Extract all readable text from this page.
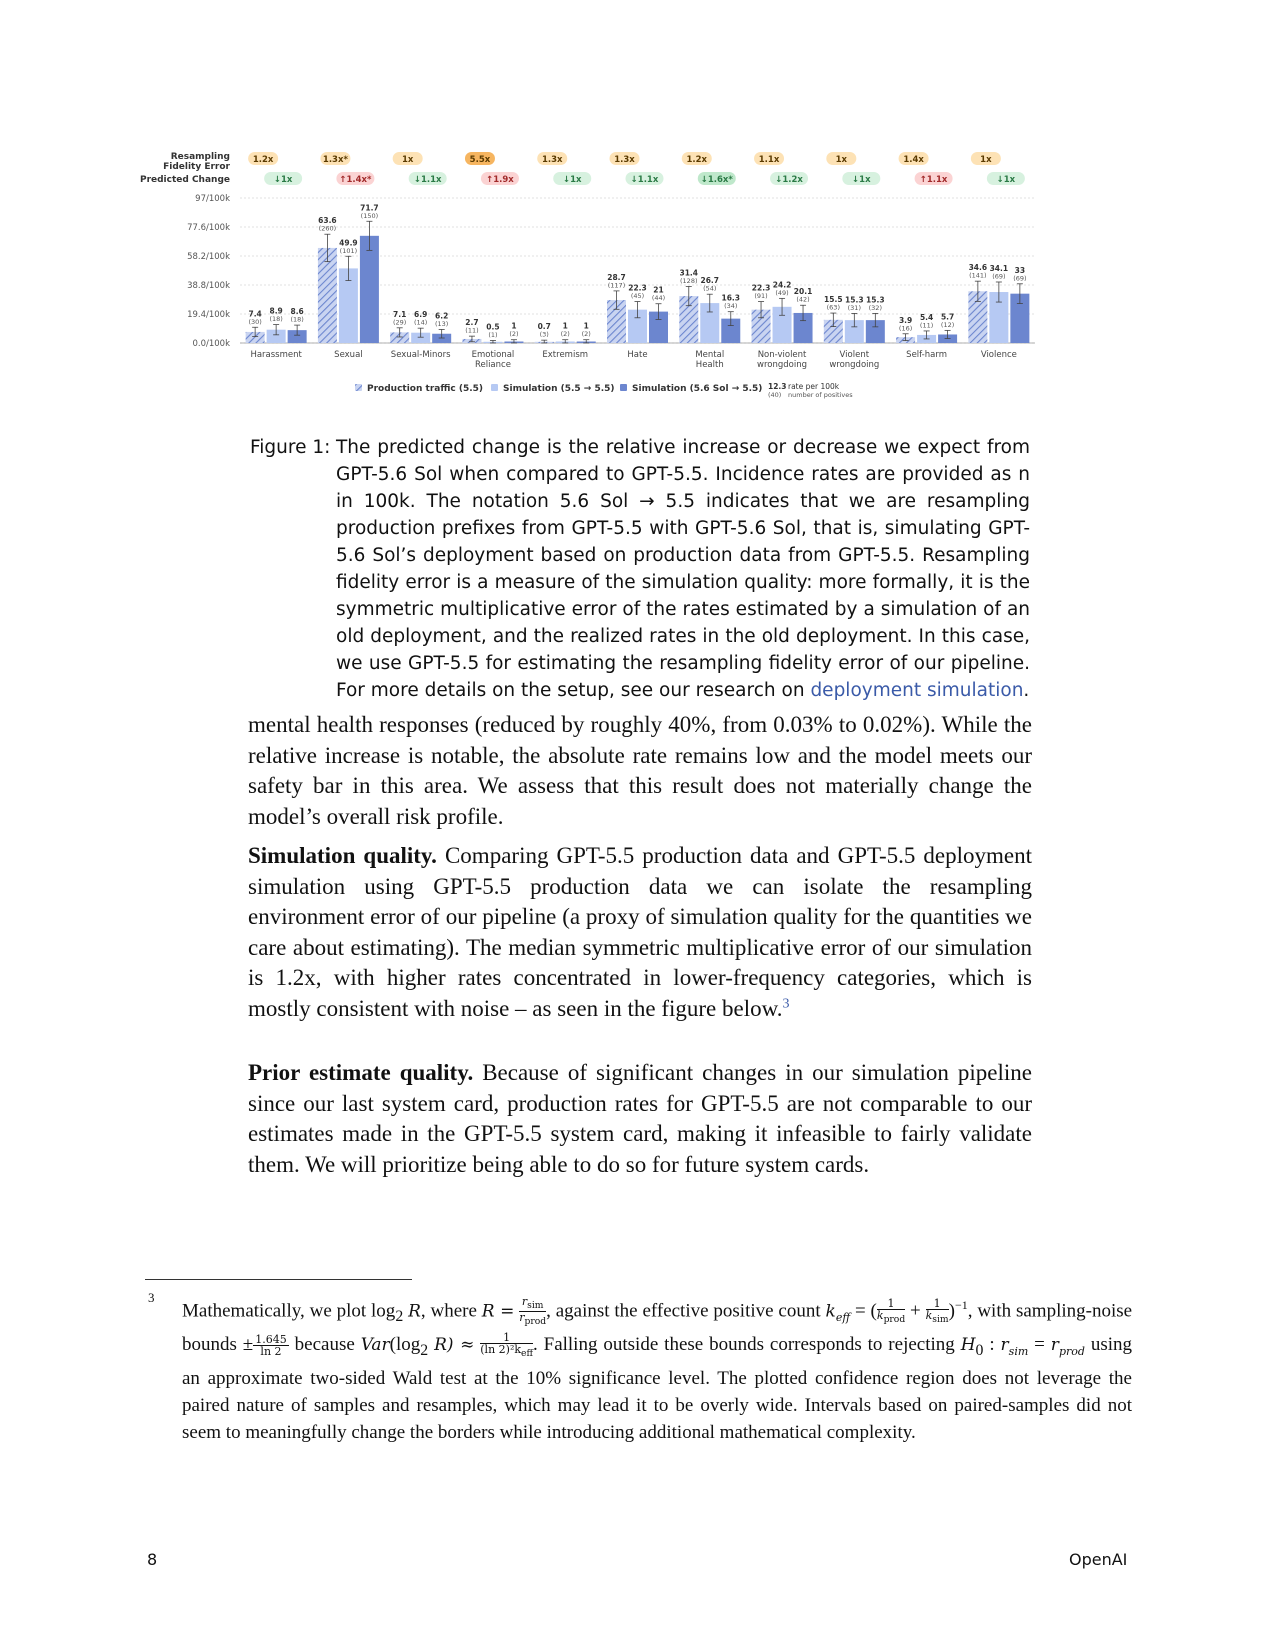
Resampling
Fidelity Error
Predicted Change
97/100k
77.6/100k
58.2/100k
38.8/100k
19.4/100k
0.0/100k
1.2x
↓1x
7.4
(30)
8.9
(18)
8.6
(18)
Harassment
1.3x*
↑1.4x*
63.6
(260)
49.9
(101)
71.7
(150)
Sexual
1x
↓1.1x
7.1
(29)
6.9
(14)
6.2
(13)
Sexual-Minors
5.5x
↑1.9x
2.7
(11) 0.5
(1)
1
(2)
Emotional
Reliance
1.3x
↓1x
0.7
(3)
1
(2)
1
(2)
Extremism
1.3x
↓1.1x
28.7
(117) 22.3
(45)
21
(44)
Hate
1.2x
↓1.6x*
31.4
(128) 26.7
(54)
16.3
(34)
Mental
Health
1.1x
↓1.2x
22.3
(91)
24.2
(49) 20.1
(42)
Non-violent
wrongdoing
1x
↓1x
15.5
(63)
15.3
(31)
15.3
(32)
Violent
wrongdoing
1.4x
↑1.1x
3.9
(16)
5.4
(11)
5.7
(12)
Self-harm
1x
↓1x
34.6
(141)
34.1
(69)
33
(69)
Violence
Production traffic (5.5) Simulation (5.5 → 5.5) Simulation (5.6 Sol → 5.5) 12.3
(40)
rate per 100k
number of positives
Figure 1: The predicted change is the relative increase or decrease we expect from GPT-5.6 Sol when compared to GPT-5.5. Incidence rates are provided as n in 100k. The notation 5.6 Sol → 5.5 indicates that we are resampling production prefixes from GPT-5.5 with GPT-5.6 Sol, that is, simulating GPT-5.6 Sol’s deployment based on production data from GPT-5.5. Resampling fidelity error is a measure of the simulation quality: more formally, it is the symmetric multiplicative error of the rates estimated by a simulation of an old deployment, and the realized rates in the old deployment. In this case, we use GPT-5.5 for estimating the resampling fidelity error of our pipeline. For more details on the setup, see our research on deployment simulation.
mental health responses (reduced by roughly 40%, from 0.03% to 0.02%). While the relative increase is notable, the absolute rate remains low and the model meets our safety bar in this area. We assess that this result does not materially change the model’s overall risk profile.
Simulation quality. Comparing GPT-5.5 production data and GPT-5.5 deployment simulation using GPT-5.5 production data we can isolate the resampling environment error of our pipeline (a proxy of simulation quality for the quantities we care about estimating). The median symmetric multiplicative error of our simulation is 1.2x, with higher rates concentrated in lower-frequency categories, which is mostly consistent with noise – as seen in the figure below.$^3$
Prior estimate quality. Because of significant changes in our simulation pipeline since our last system card, production rates for GPT-5.5 are not comparable to our estimates made in the GPT-5.5 system card, making it infeasible to fairly validate them. We will prioritize being able to do so for future system cards.
3
Mathematically, we plot $\log_2 R$, where $R = \frac{r_{sim}}{r_{prod}}$ , against the effective positive count $k_{eff}$ = ( $\frac{1}{k_{prod}} + \frac{1}{k_{sim}} )^{-1}$, with sampling-noise bounds ± $\frac{1.645}{\ln 2}$ because $Var(\log_2$ $R) \approx \frac{1}{(\ln 2)^2k_{eff}}$ . Falling outside these bounds corresponds to rejecting $H_0$ : $r_{sim} = r_{prod}$ using an approximate two-sided Wald test at the 10% significance level. The plotted confidence region does not leverage the paired nature of samples and resamples, which may lead it to be overly wide. Intervals based on paired-samples did not seem to meaningfully change the borders while introducing additional mathematical complexity.
8	OpenAI
